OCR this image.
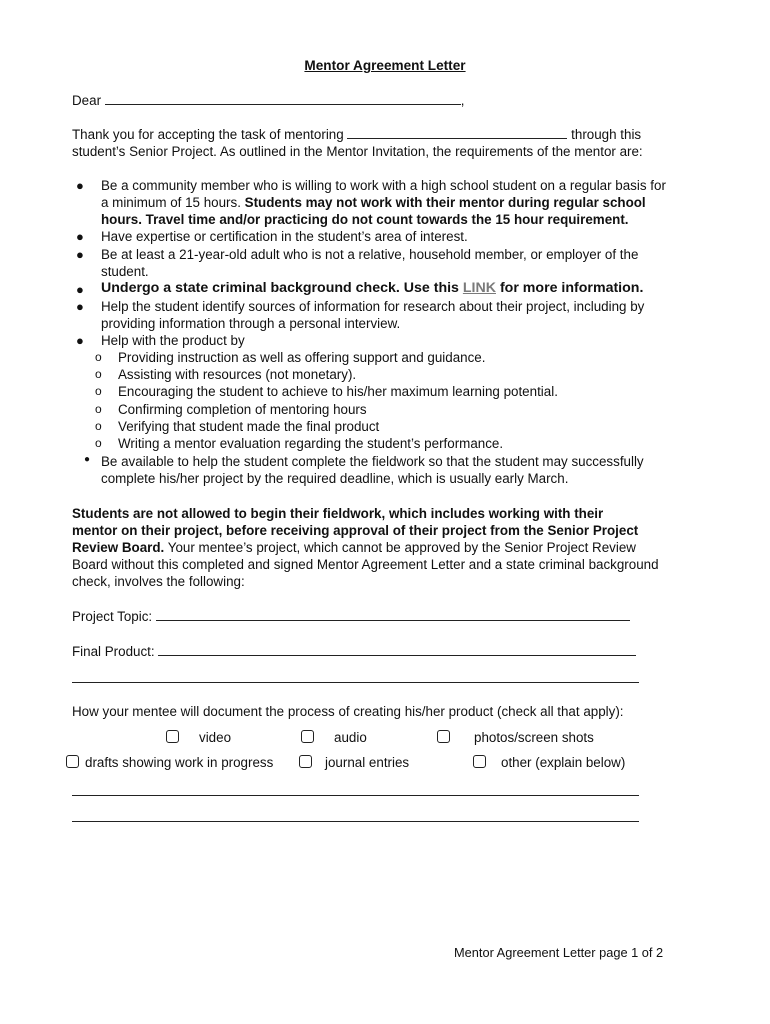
Mentor Agreement Letter
Dear	,
Thank you for accepting the task of mentoring	through this
student’s Senior Project. As outlined in the Mentor Invitation, the requirements of the mentor are:
● Be a community member who is willing to work with a high school student on a regular basis for
a minimum of 15 hours. Students may not work with their mentor during regular school
hours. Travel time and/or practicing do not count towards the 15 hour requirement.
● Have expertise or certification in the student’s area of interest.
● Be at least a 21-year-old adult who is not a relative, household member, or employer of the
student.
● Undergo a state criminal background check. Use this LINK for more information.
● Help the student identify sources of information for research about their project, including by
providing information through a personal interview.
● Help with the product by
o Providing instruction as well as offering support and guidance.
o Assisting with resources (not monetary).
o Encouraging the student to achieve to his/her maximum learning potential.
o Confirming completion of mentoring hours
o Verifying that student made the final product
o Writing a mentor evaluation regarding the student’s performance.
● Be available to help the student complete the fieldwork so that the student may successfully
complete his/her project by the required deadline, which is usually early March.
Students are not allowed to begin their fieldwork, which includes working with their
mentor on their project, before receiving approval of their project from the Senior Project
Review Board. Your mentee’s project, which cannot be approved by the Senior Project Review
Board without this completed and signed Mentor Agreement Letter and a state criminal background
check, involves the following:
Project Topic:
Final Product:
How your mentee will document the process of creating his/her product (check all that apply):
video	audio	photos/screen shots
drafts showing work in progress	journal entries	other (explain below)
Mentor Agreement Letter page 1 of 2
